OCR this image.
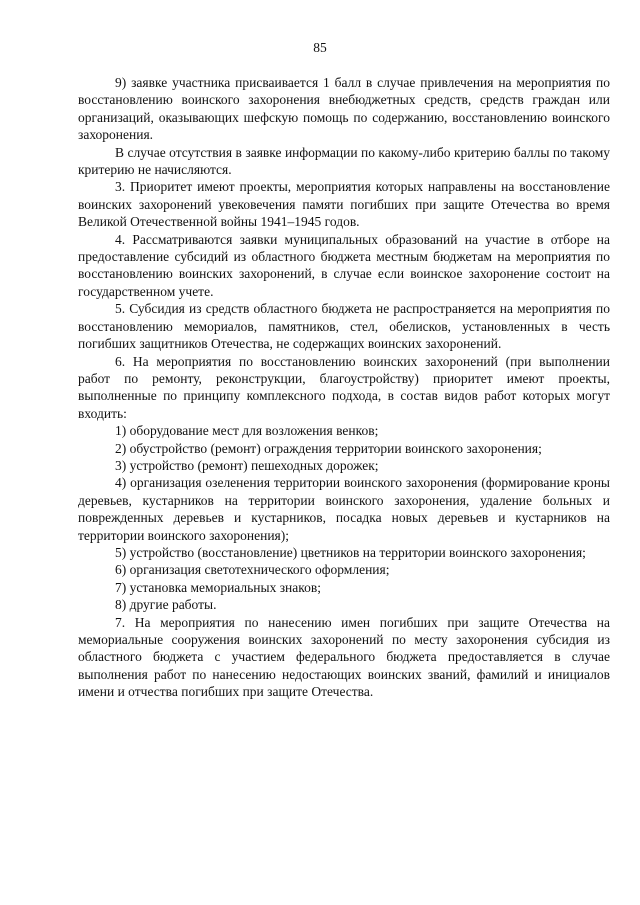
85

9) заявке участника присваивается 1 балл в случае привлечения на мероприятия по восстановлению воинского захоронения внебюджетных средств, средств граждан или организаций, оказывающих шефскую помощь по содержанию, восстановлению воинского захоронения.

В случае отсутствия в заявке информации по какому-либо критерию баллы по такому критерию не начисляются.

3. Приоритет имеют проекты, мероприятия которых направлены на восстановление воинских захоронений увековечения памяти погибших при защите Отечества во время Великой Отечественной войны 1941–1945 годов.

4. Рассматриваются заявки муниципальных образований на участие в отборе на предоставление субсидий из областного бюджета местным бюджетам на мероприятия по восстановлению воинских захоронений, в случае если воинское захоронение состоит на государственном учете.

5. Субсидия из средств областного бюджета не распространяется на мероприятия по восстановлению мемориалов, памятников, стел, обелисков, установленных в честь погибших защитников Отечества, не содержащих воинских захоронений.

6. На мероприятия по восстановлению воинских захоронений (при выполнении работ по ремонту, реконструкции, благоустройству) приоритет имеют проекты, выполненные по принципу комплексного подхода, в состав видов работ которых могут входить:

1) оборудование мест для возложения венков;

2) обустройство (ремонт) ограждения территории воинского захоронения;

3) устройство (ремонт) пешеходных дорожек;

4) организация озеленения территории воинского захоронения (формирование кроны деревьев, кустарников на территории воинского захоронения, удаление больных и поврежденных деревьев и кустарников, посадка новых деревьев и кустарников на территории воинского захоронения);

5) устройство (восстановление) цветников на территории воинского захоронения;

6) организация светотехнического оформления;

7) установка мемориальных знаков;

8) другие работы.

7. На мероприятия по нанесению имен погибших при защите Отечества на мемориальные сооружения воинских захоронений по месту захоронения субсидия из областного бюджета с участием федерального бюджета предоставляется в случае выполнения работ по нанесению недостающих воинских званий, фамилий и инициалов имени и отчества погибших при защите Отечества.
